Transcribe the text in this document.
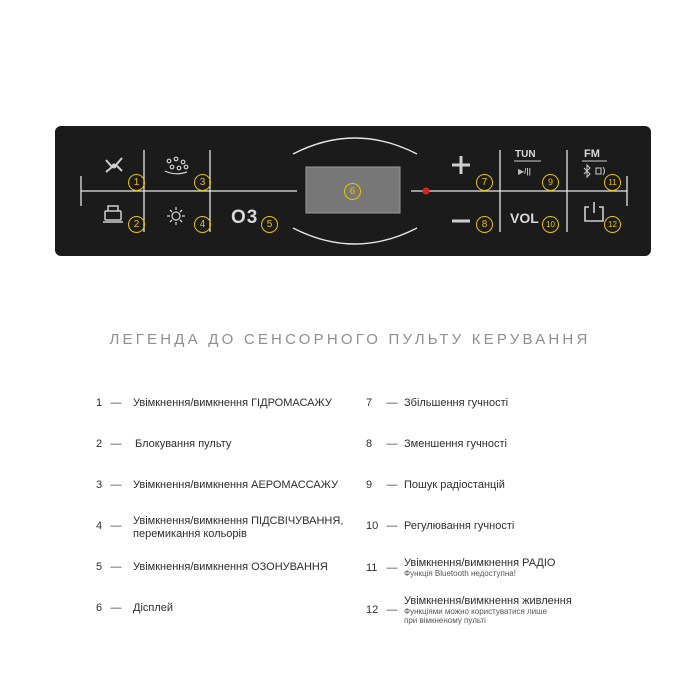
O3
TUN
▶/||
VOL
FM
1
2
3
4	5
6
7
8
9
10
11
12
ЛЕГЕНДА ДО СЕНСОРНОГО ПУЛЬТУ КЕРУВАННЯ
1 — Увімкнення/вимкнення ГІДРОМАСАЖУ
2 — Блокування пульту
3 — Увімкнення/вимкнення АЕРОМАССАЖУ
4 — Увімкнення/вимкнення ПІДСВІЧУВАННЯ,
перемикання кольорів
5 — Увімкнення/вимкнення ОЗОНУВАННЯ
6 — Дісплей
7	— Збільшення гучності
8	— Зменшення гучності
9	— Пошук радіостанцій
10 — Регулювання гучності
11 — Увімкнення/вимкнення РАДІО
Функція Bluetooth недоступна!
12 —
Увімкнення/вимкнення живлення
Функціями можно користуватися лише
при вімкненому пульті
